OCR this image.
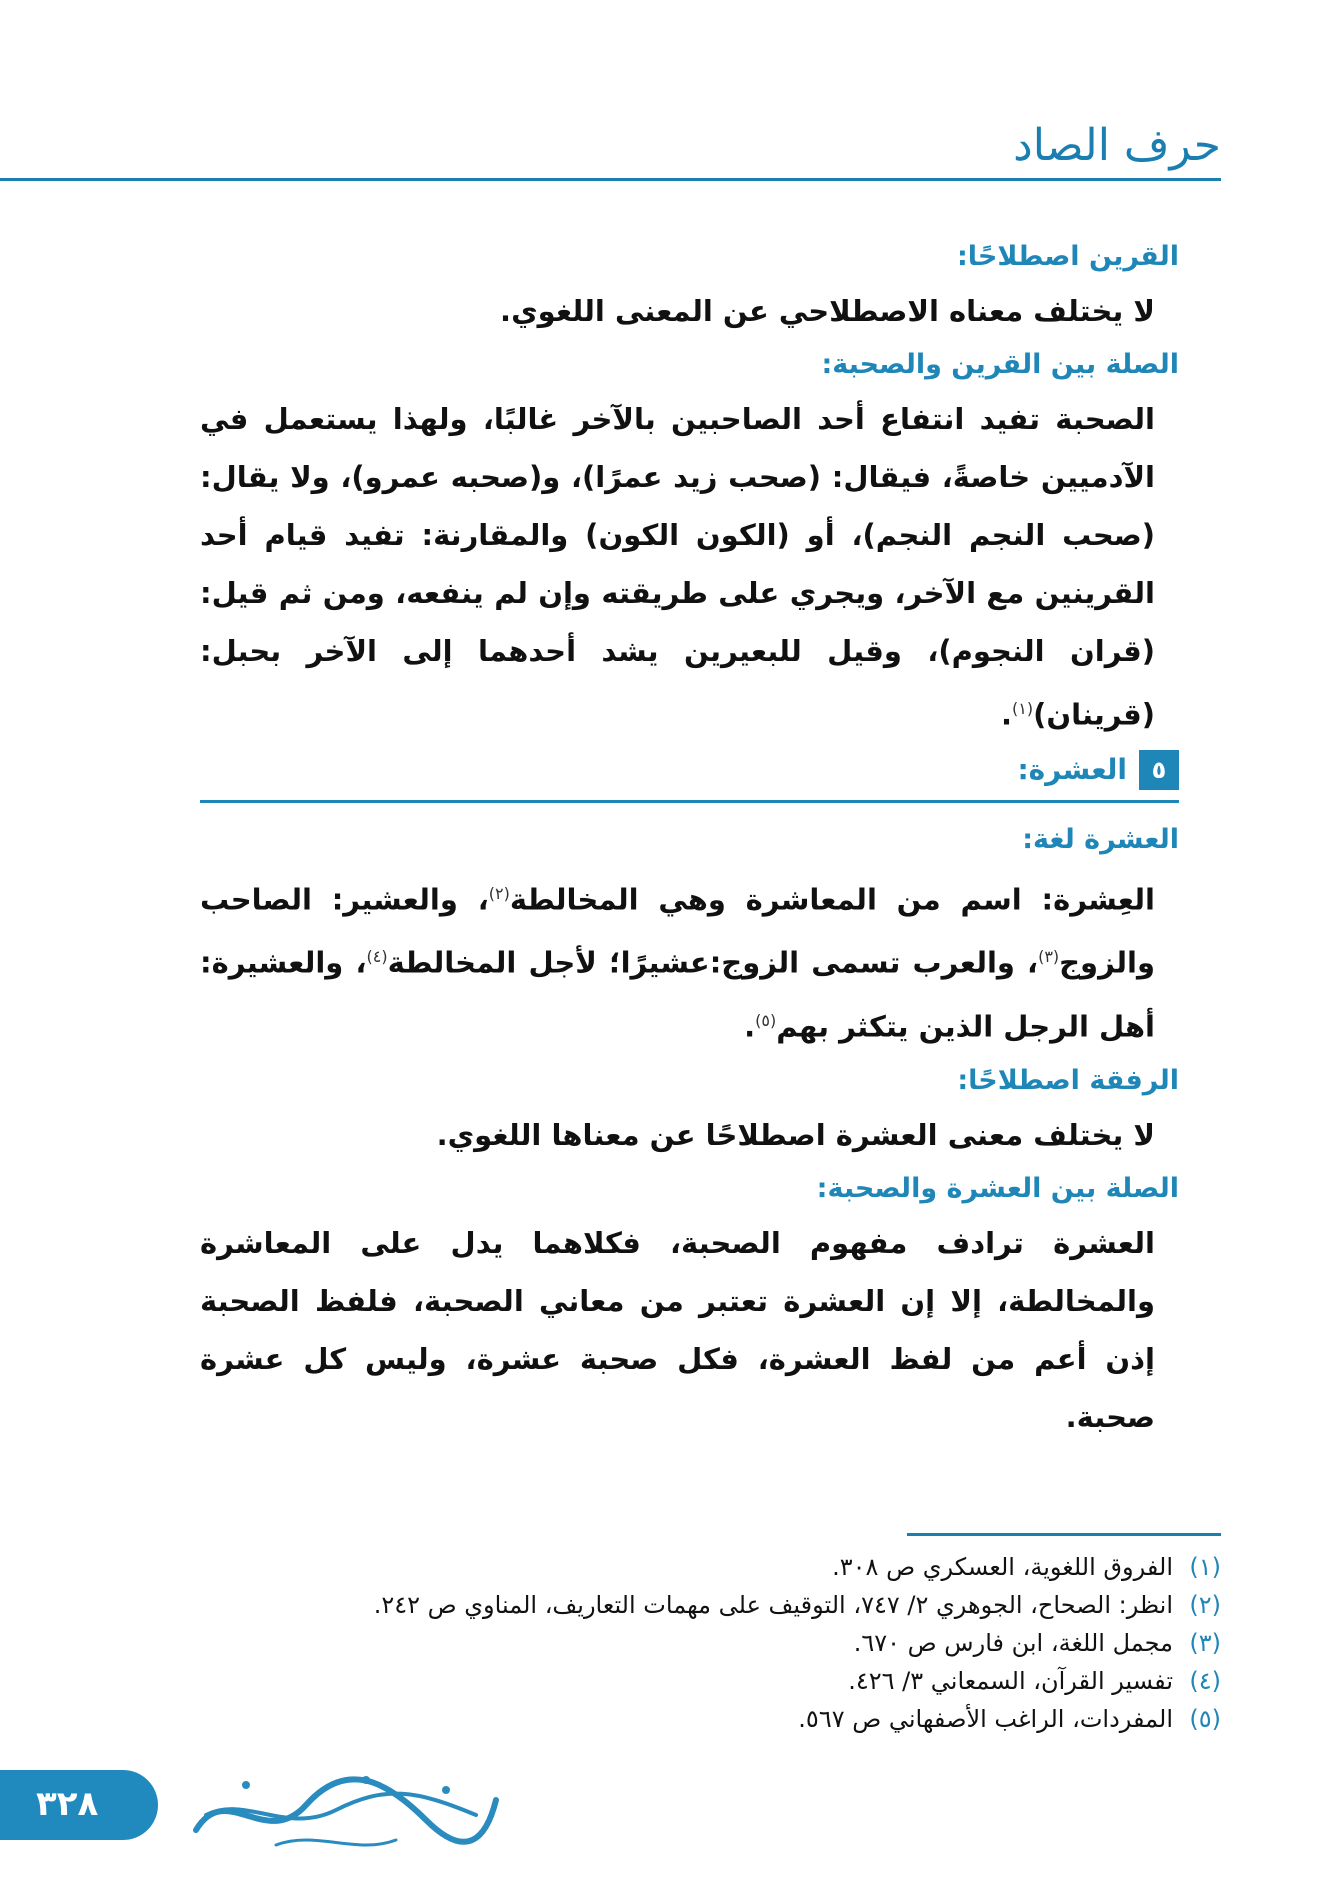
حرف الصاد
القرين اصطلاحًا:

لا يختلف معناه الاصطلاحي عن المعنى اللغوي.

الصلة بين القرين والصحبة:

الصحبة تفيد انتفاع أحد الصاحبين بالآخر غالبًا، ولهذا يستعمل في الآدميين خاصةً، فيقال: (صحب زيد عمرًا)، و(صحبه عمرو)، ولا يقال: (صحب النجم النجم)، أو (الكون الكون) والمقارنة: تفيد قيام أحد القرينين مع الآخر، ويجري على طريقته وإن لم ينفعه، ومن ثم قيل: (قران النجوم)، وقيل للبعيرين يشد أحدهما إلى الآخر بحبل: (قرينان)$^{(١)}$.

٥
العشرة:
العشرة لغة:

العِشرة: اسم من المعاشرة وهي المخالطة$^{(٢)}$، والعشير: الصاحب والزوج$^{(٣)}$، والعرب تسمى الزوج:عشيرًا؛ لأجل المخالطة$^{(٤)}$، والعشيرة: أهل الرجل الذين يتكثر بهم$^{(٥)}$.

الرفقة اصطلاحًا:

لا يختلف معنى العشرة اصطلاحًا عن معناها اللغوي.

الصلة بين العشرة والصحبة:

العشرة ترادف مفهوم الصحبة، فكلاهما يدل على المعاشرة والمخالطة، إلا إن العشرة تعتبر من معاني الصحبة، فلفظ الصحبة إذن أعم من لفظ العشرة، فكل صحبة عشرة، وليس كل عشرة صحبة.

(١)
الفروق اللغوية، العسكري ص ٣٠٨.
(٢)
انظر: الصحاح، الجوهري ٢/ ٧٤٧، التوقيف على مهمات التعاريف، المناوي ص ٢٤٢.
(٣)
مجمل اللغة، ابن فارس ص ٦٧٠.
(٤)
تفسير القرآن، السمعاني ٣/ ٤٢٦.
(٥)
المفردات، الراغب الأصفهاني ص ٥٦٧.
٣٢٨
